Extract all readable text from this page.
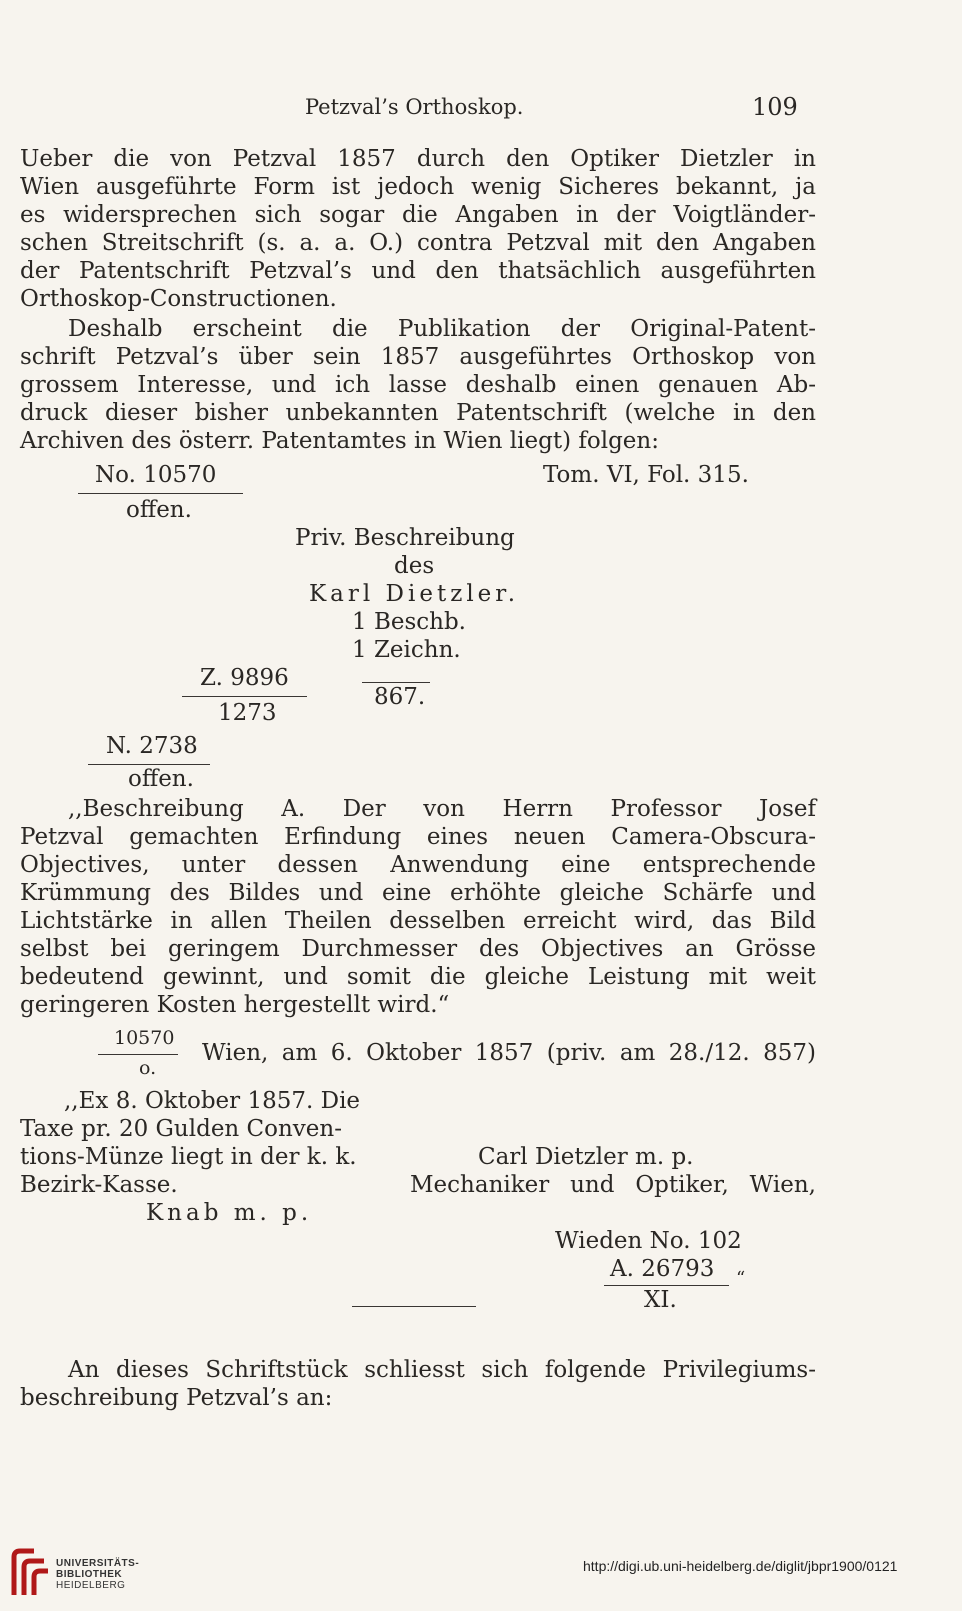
Petzval’s Orthoskop.	109
Ueber die von Petzval 1857 durch den Optiker Dietzler in
Wien ausgeführte Form ist jedoch wenig Sicheres bekannt, ja
es widersprechen sich sogar die Angaben in der Voigtländer-
schen Streitschrift (s. a. a. O.) contra Petzval mit den Angaben
der Patentschrift Petzval’s und den thatsächlich ausgeführten
Orthoskop-Constructionen.
Deshalb erscheint die Publikation der Original-Patent-
schrift Petzval’s über sein 1857 ausgeführtes Orthoskop von
grossem Interesse, und ich lasse deshalb einen genauen Ab-
druck dieser bisher unbekannten Patentschrift (welche in den
Archiven des österr. Patentamtes in Wien liegt) folgen:
No. 10570	Tom. VI, Fol. 315.
offen.
Priv. Beschreibung
des
Karl Dietzler.
1 Beschb.
1 Zeichn.
Z. 9896
1273
867.
N. 2738
offen.
,,Beschreibung A. Der von Herrn Professor Josef
Petzval gemachten Erfindung eines neuen Camera-Obscura-
Objectives, unter dessen Anwendung eine entsprechende
Krümmung des Bildes und eine erhöhte gleiche Schärfe und
Lichtstärke in allen Theilen desselben erreicht wird, das Bild
selbst bei geringem Durchmesser des Objectives an Grösse
bedeutend gewinnt, und somit die gleiche Leistung mit weit
geringeren Kosten hergestellt wird.“
10570
o.
Wien, am 6. Oktober 1857 (priv. am 28./12. 857)
,,Ex 8. Oktober 1857. Die
Taxe pr. 20 Gulden Conven-
tions-Münze liegt in der k. k.
Bezirk-Kasse.
Knab m. p.
Carl Dietzler m. p.
Mechaniker und Optiker, Wien,
Wieden No. 102
A. 26793 “
XI.
An dieses Schriftstück schliesst sich folgende Privilegiums-
beschreibung Petzval’s an:
UNIVERSITÄTS-
BIBLIOTHEK
HEIDELBERG
http://digi.ub.uni-heidelberg.de/diglit/jbpr1900/0121
